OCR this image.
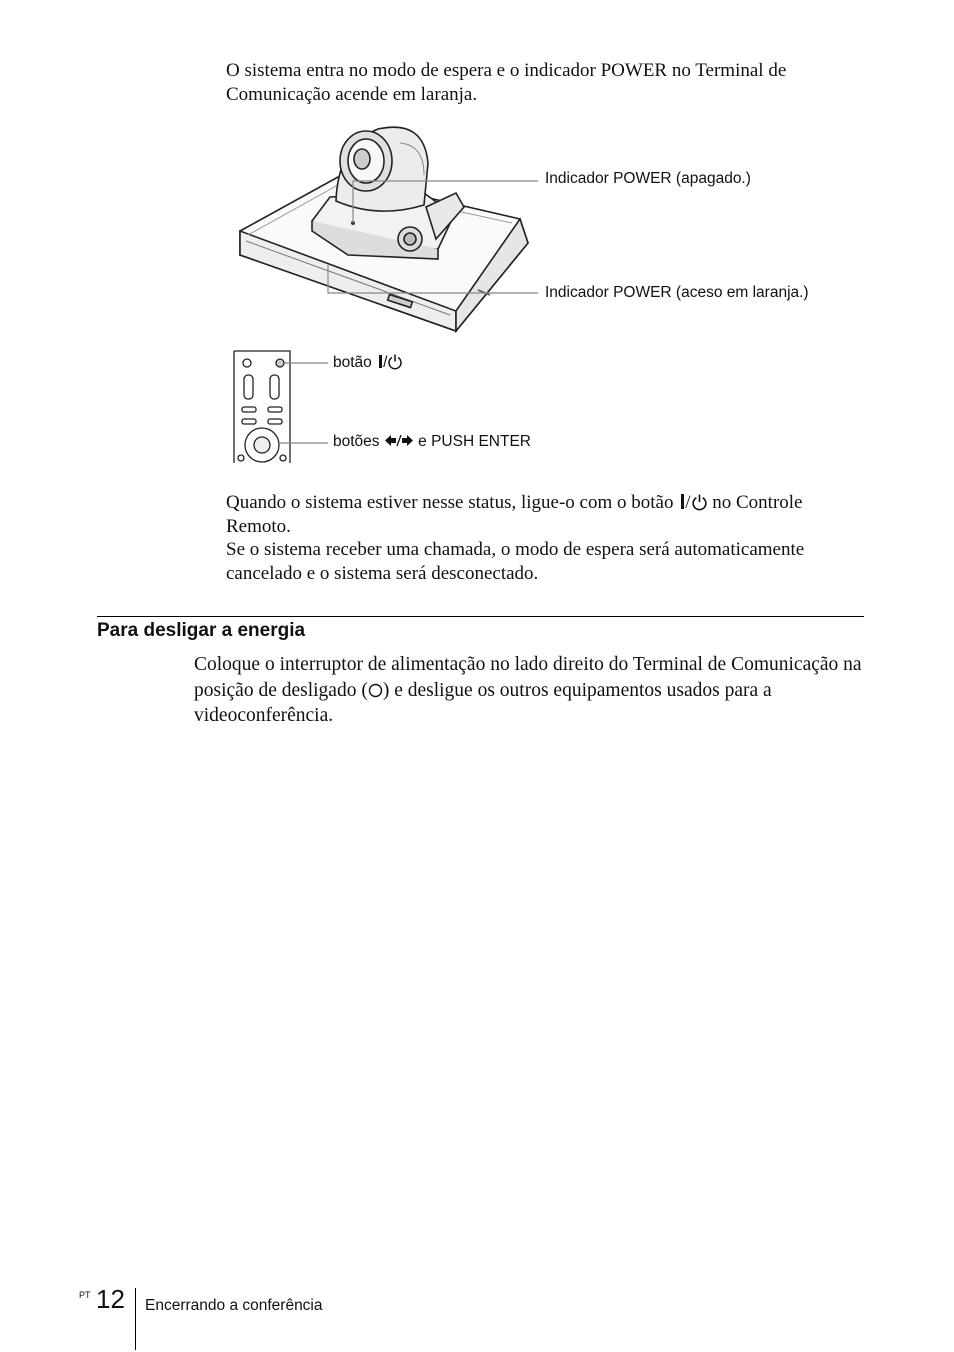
O sistema entra no modo de espera e o indicador POWER no Terminal de Comunicação acende em laranja.

Indicador POWER (apagado.)
Indicador POWER (aceso em laranja.)
botão /
botões e PUSH ENTER

Quando o sistema estiver nesse status, ligue-o com o botão / no Controle Remoto.

Se o sistema receber uma chamada, o modo de espera será automaticamente cancelado e o sistema será desconectado.

Para desligar a energia

Coloque o interruptor de alimentação no lado direito do Terminal de Comunicação na posição de desligado ( ) e desligue os outros equipamentos usados para a videoconferência.

PT 12 Encerrando a conferência
